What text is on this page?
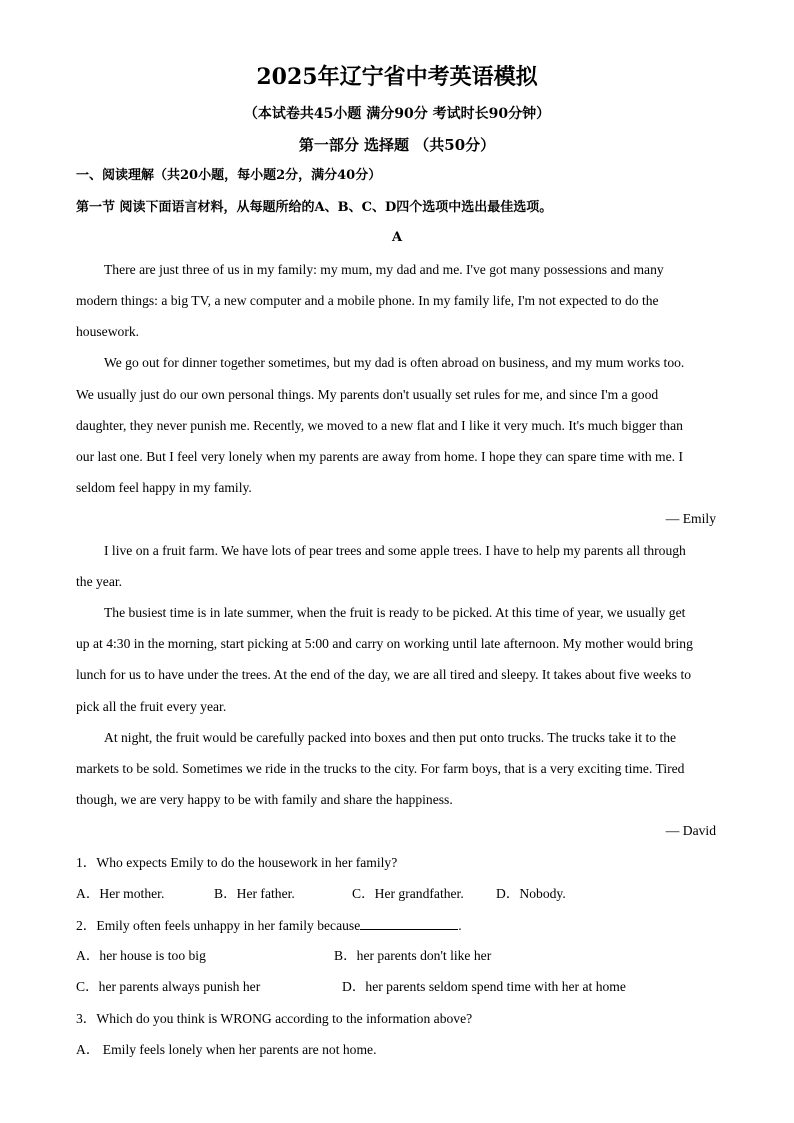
2025年辽宁省中考英语模拟
（本试卷共45小题 满分90分 考试时长90分钟）
第一部分 选择题 （共50分）
一、阅读理解（共20小题，每小题2分，满分40分）
第一节 阅读下面语言材料，从每题所给的A、B、C、D四个选项中选出最佳选项。
A
There are just three of us in my family: my mum, my dad and me. I've got many possessions and many
modern things: a big TV, a new computer and a mobile phone. In my family life, I'm not expected to do the
housework.
We go out for dinner together sometimes, but my dad is often abroad on business, and my mum works too.
We usually just do our own personal things. My parents don't usually set rules for me, and since I'm a good
daughter, they never punish me. Recently, we moved to a new flat and I like it very much. It's much bigger than
our last one. But I feel very lonely when my parents are away from home. I hope they can spare time with me. I
seldom feel happy in my family.
— Emily
I live on a fruit farm. We have lots of pear trees and some apple trees. I have to help my parents all through
the year.
The busiest time is in late summer, when the fruit is ready to be picked. At this time of year, we usually get
up at 4:30 in the morning, start picking at 5:00 and carry on working until late afternoon. My mother would bring
lunch for us to have under the trees. At the end of the day, we are all tired and sleepy. It takes about five weeks to
pick all the fruit every year.
At night, the fruit would be carefully packed into boxes and then put onto trucks. The trucks take it to the
markets to be sold. Sometimes we ride in the trucks to the city. For farm boys, that is a very exciting time. Tired
though, we are very happy to be with family and share the happiness.
— David
1．Who expects Emily to do the housework in her family?
A．Her mother.	B．Her father.	C．Her grandfather. D．Nobody.
2．Emily often feels unhappy in her family because	.
A．her house is too big	B．her parents don't like her
C．her parents always punish her	D．her parents seldom spend time with her at home
3．Which do you think is WRONG according to the information above?
A． Emily feels lonely when her parents are not home.
